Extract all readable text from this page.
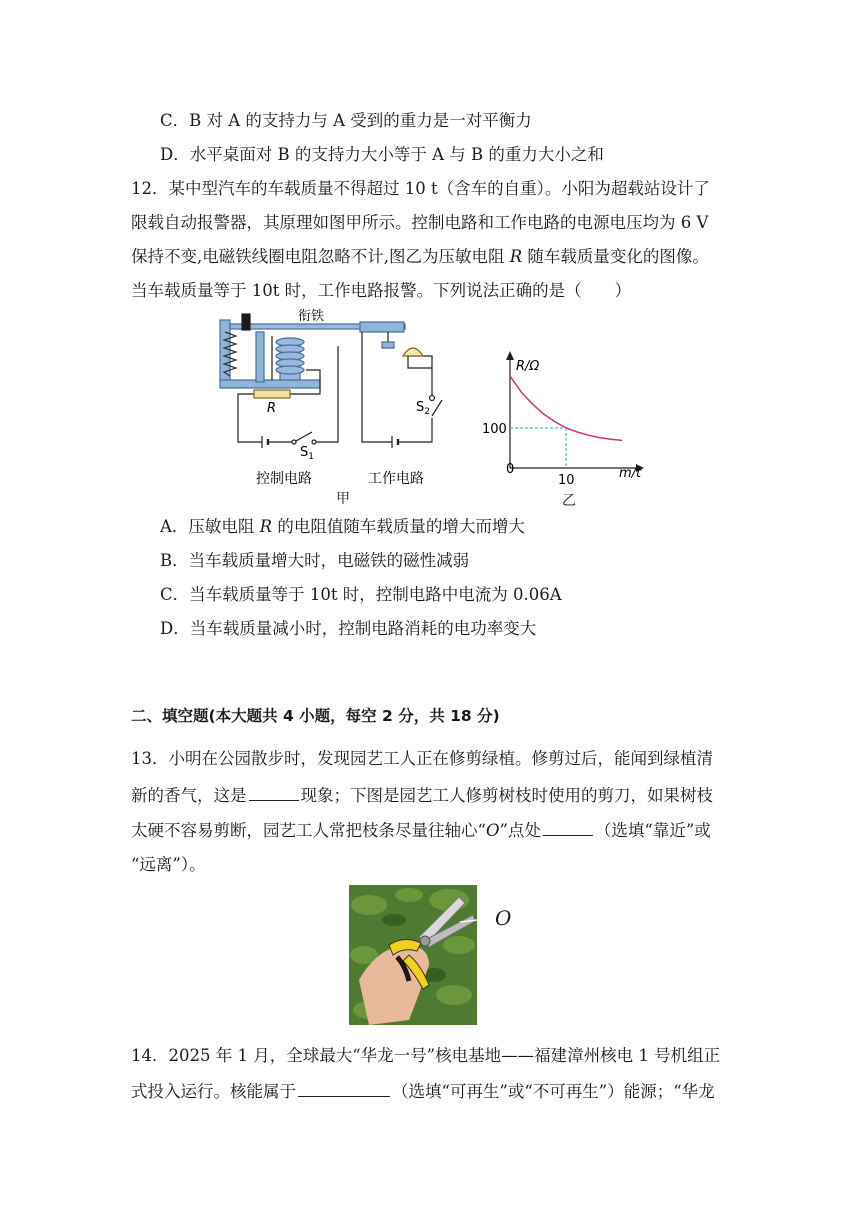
C．B 对 A 的支持力与 A 受到的重力是一对平衡力
D．水平桌面对 B 的支持力大小等于 A 与 B 的重力大小之和
12．某中型汽车的车载质量不得超过 10 t（含车的自重）。小阳为超载站设计了
限载自动报警器，其原理如图甲所示。控制电路和工作电路的电源电压均为 6 V
保持不变,电磁铁线圈电阻忽略不计,图乙为压敏电阻 R 随车载质量变化的图像。
当车载质量等于 10t 时，工作电路报警。下列说法正确的是（　　）
衔铁
R
$S_1$
$S_2$
控制电路	工作电路
甲
R/Ω
m/t
0
10
100
乙
A．压敏电阻 R 的电阻值随车载质量的增大而增大
B．当车载质量增大时，电磁铁的磁性减弱
C．当车载质量等于 10t 时，控制电路中电流为 0.06A
D．当车载质量减小时，控制电路消耗的电功率变大
二、填空题(本大题共 4 小题，每空 2 分，共 18 分)
13．小明在公园散步时，发现园艺工人正在修剪绿植。修剪过后，能闻到绿植清
新的香气，这是	现象；下图是园艺工人修剪树枝时使用的剪刀，如果树枝
太硬不容易剪断，园艺工人常把枝条尽量往轴心“O”点处	（选填“靠近”或
“远离”）。
O
14．2025 年 1 月，全球最大“华龙一号”核电基地——福建漳州核电 1 号机组正
式投入运行。核能属于	（选填“可再生”或“不可再生”）能源；“华龙
